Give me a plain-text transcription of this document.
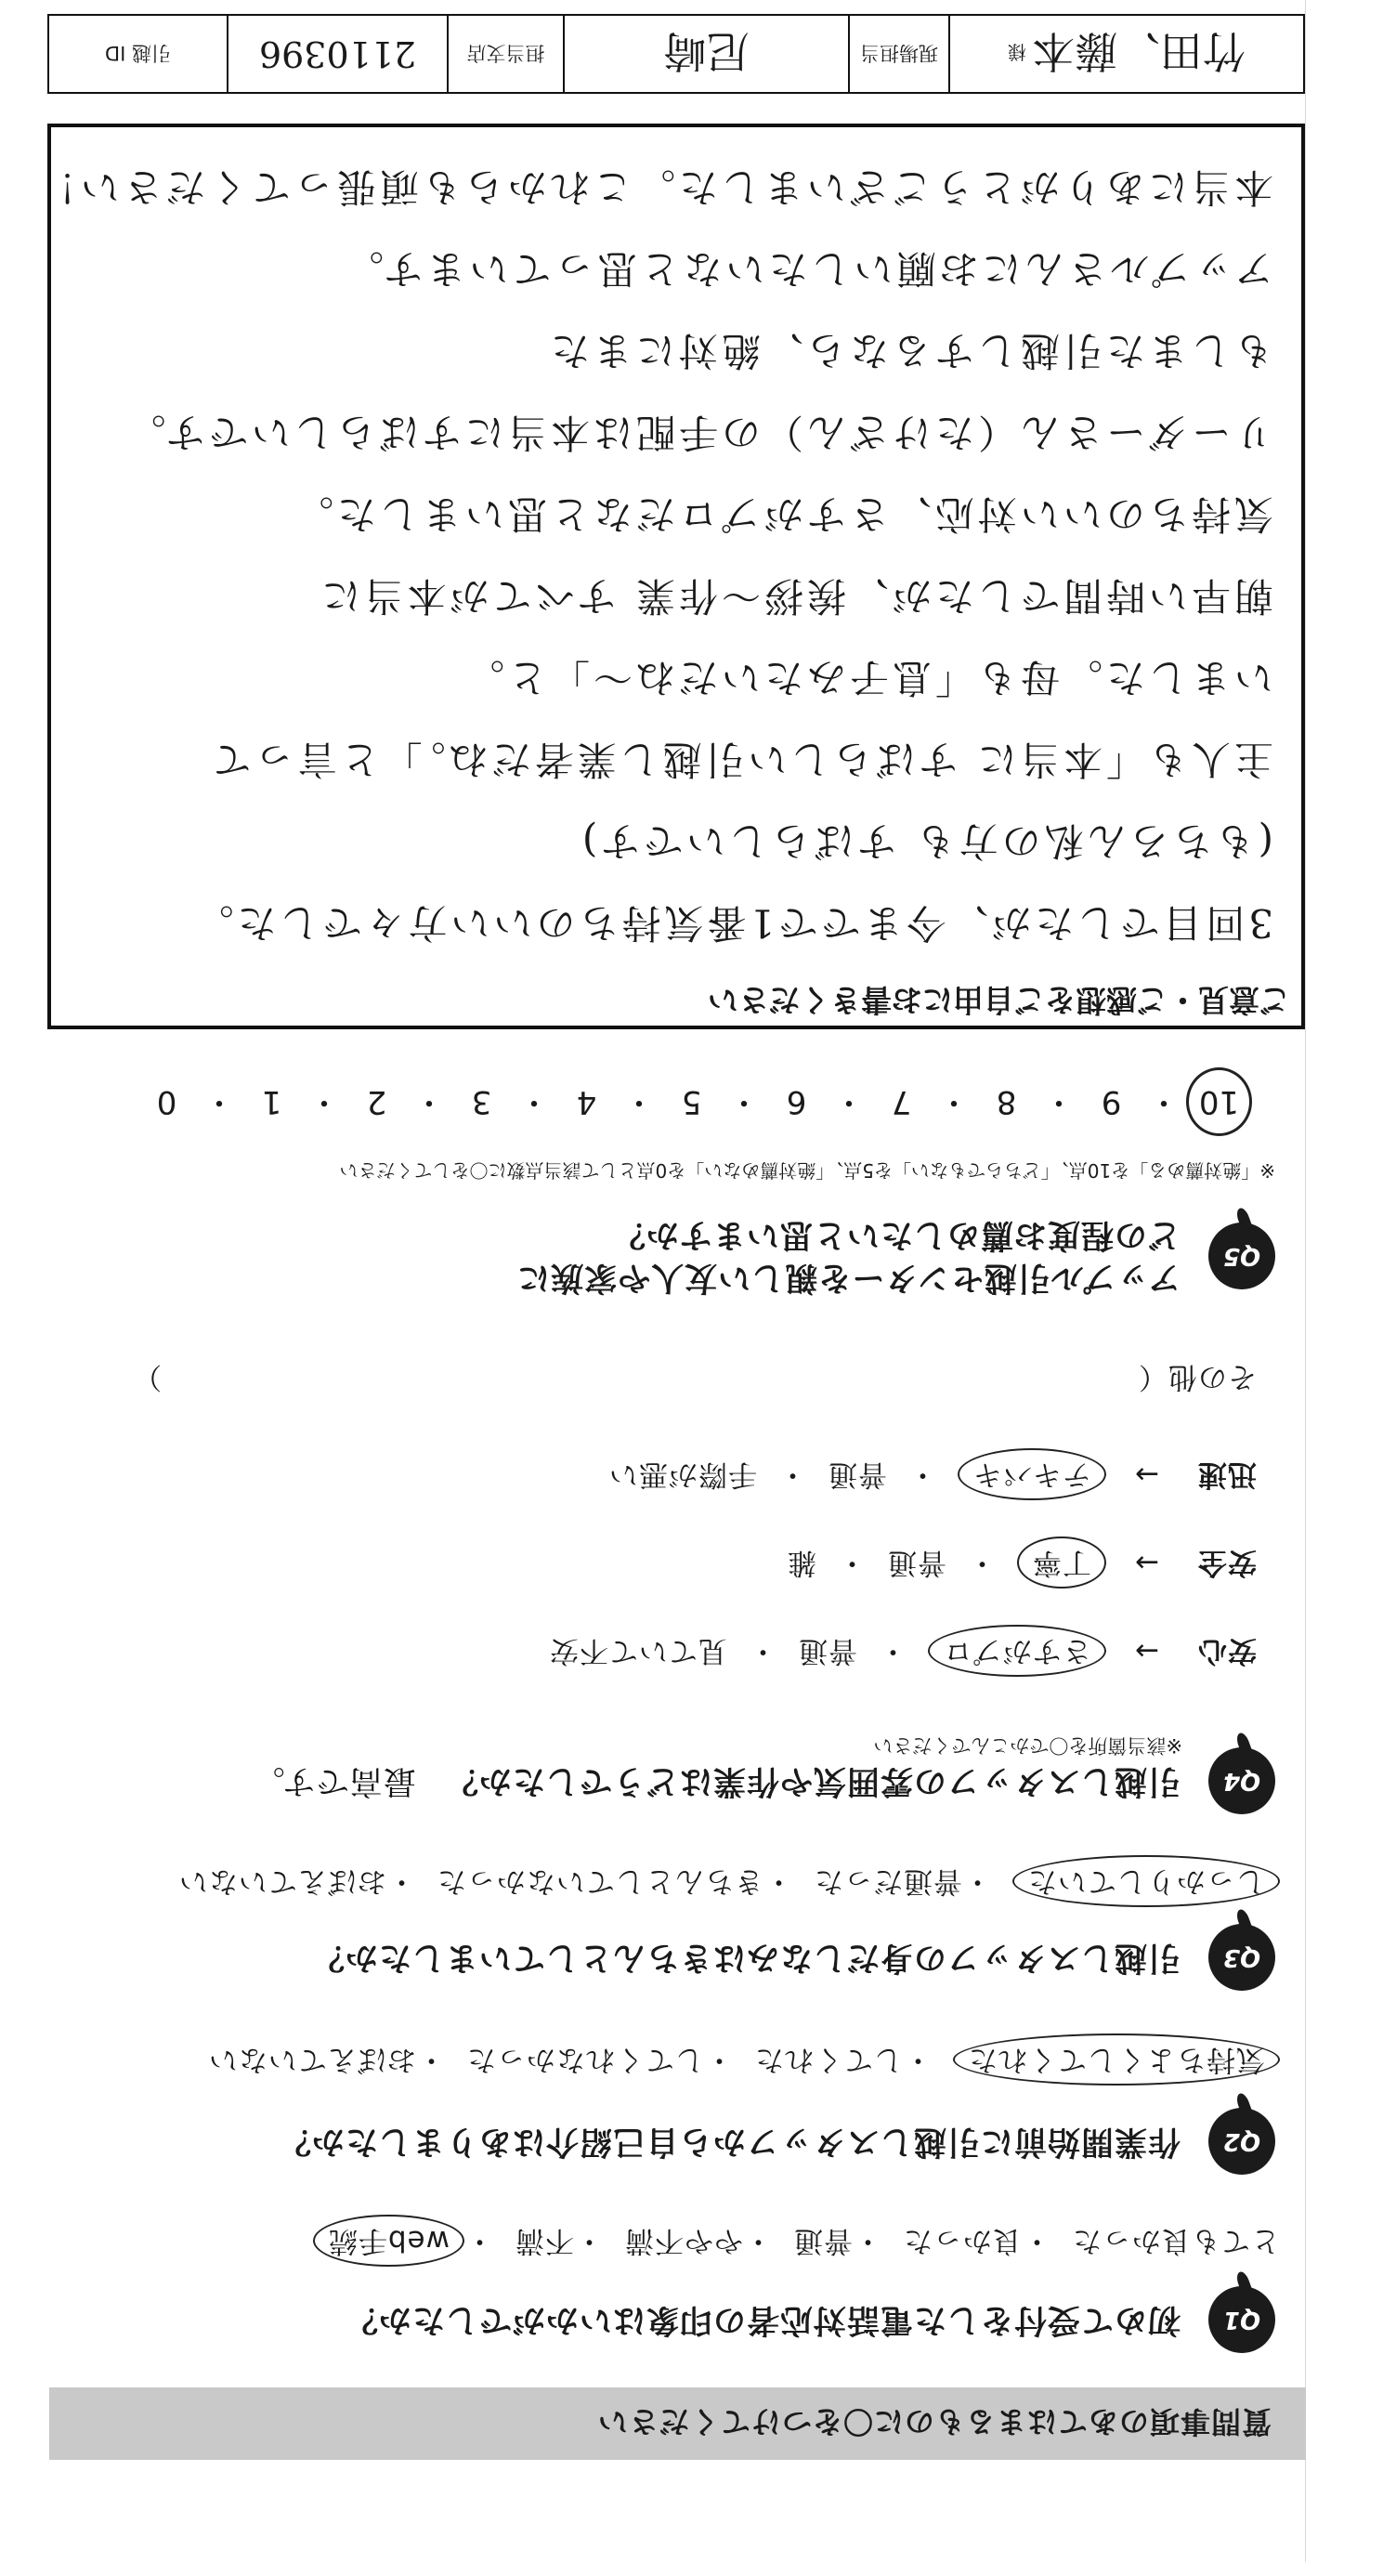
質問事項のあてはまるものに〇をつけてください
Q1
初めて受付をした電話対応者の印象はいかがでしたか？
とても良かった・良かった・普通・やや不満・不満・web手続
Q2
作業開始前に引越しスタッフから自己紹介はありましたか？
気持ちよくしてくれた・してくれた・してくれなかった・おぼえていない
Q3
引越しスタッフの身だしなみはきちんとしていましたか？
しっかりしていた・普通だった・きちんとしていなかった・おぼえていない
Q4
引越しスタッフの雰囲気や作業はどうでしたか？ 最高です。
※該当箇所を〇でかこんでください
安心→さすがプロ・普通・見ていて不安
安全→丁寧・普通・雑
迅速→テキパキ・普通・手際が悪い
その他（ ）
Q5
アップル引越センターを親しい友人や家族に
どの程度お薦めしたいと思いますか？
※「絶対薦める」を10点、「どちらでもない」を5点、「絶対薦めない」を0点として該当点数に〇をしてください
10・9・8・7・6・5・4・3・2・1・0
ご意見・ご感想をご自由にお書きください
3回目でしたが、今までで1番気持ちのいい方々でした。
(もちろん私の方も すばらしいです)
主人も「本当に すばらしい引越し業者だね。」と言って
いました。母も「息子みたいだね〜」と。
朝早い時間でしたが、挨拶〜作業 すべてが本当に
気持ちのいい対応、さすがプロだなと思いました。
リーダーさん（たけざん）の手配は本当にすばらしいです。
もしまた引越しするなら、絶対にまた
アップルさんにお願いしたいなと思っています。
本当にありがとうございました。これからも頑張ってください！
竹田、藤本
様
現場担当
尼崎
担当支店
2110396
引越 ID
